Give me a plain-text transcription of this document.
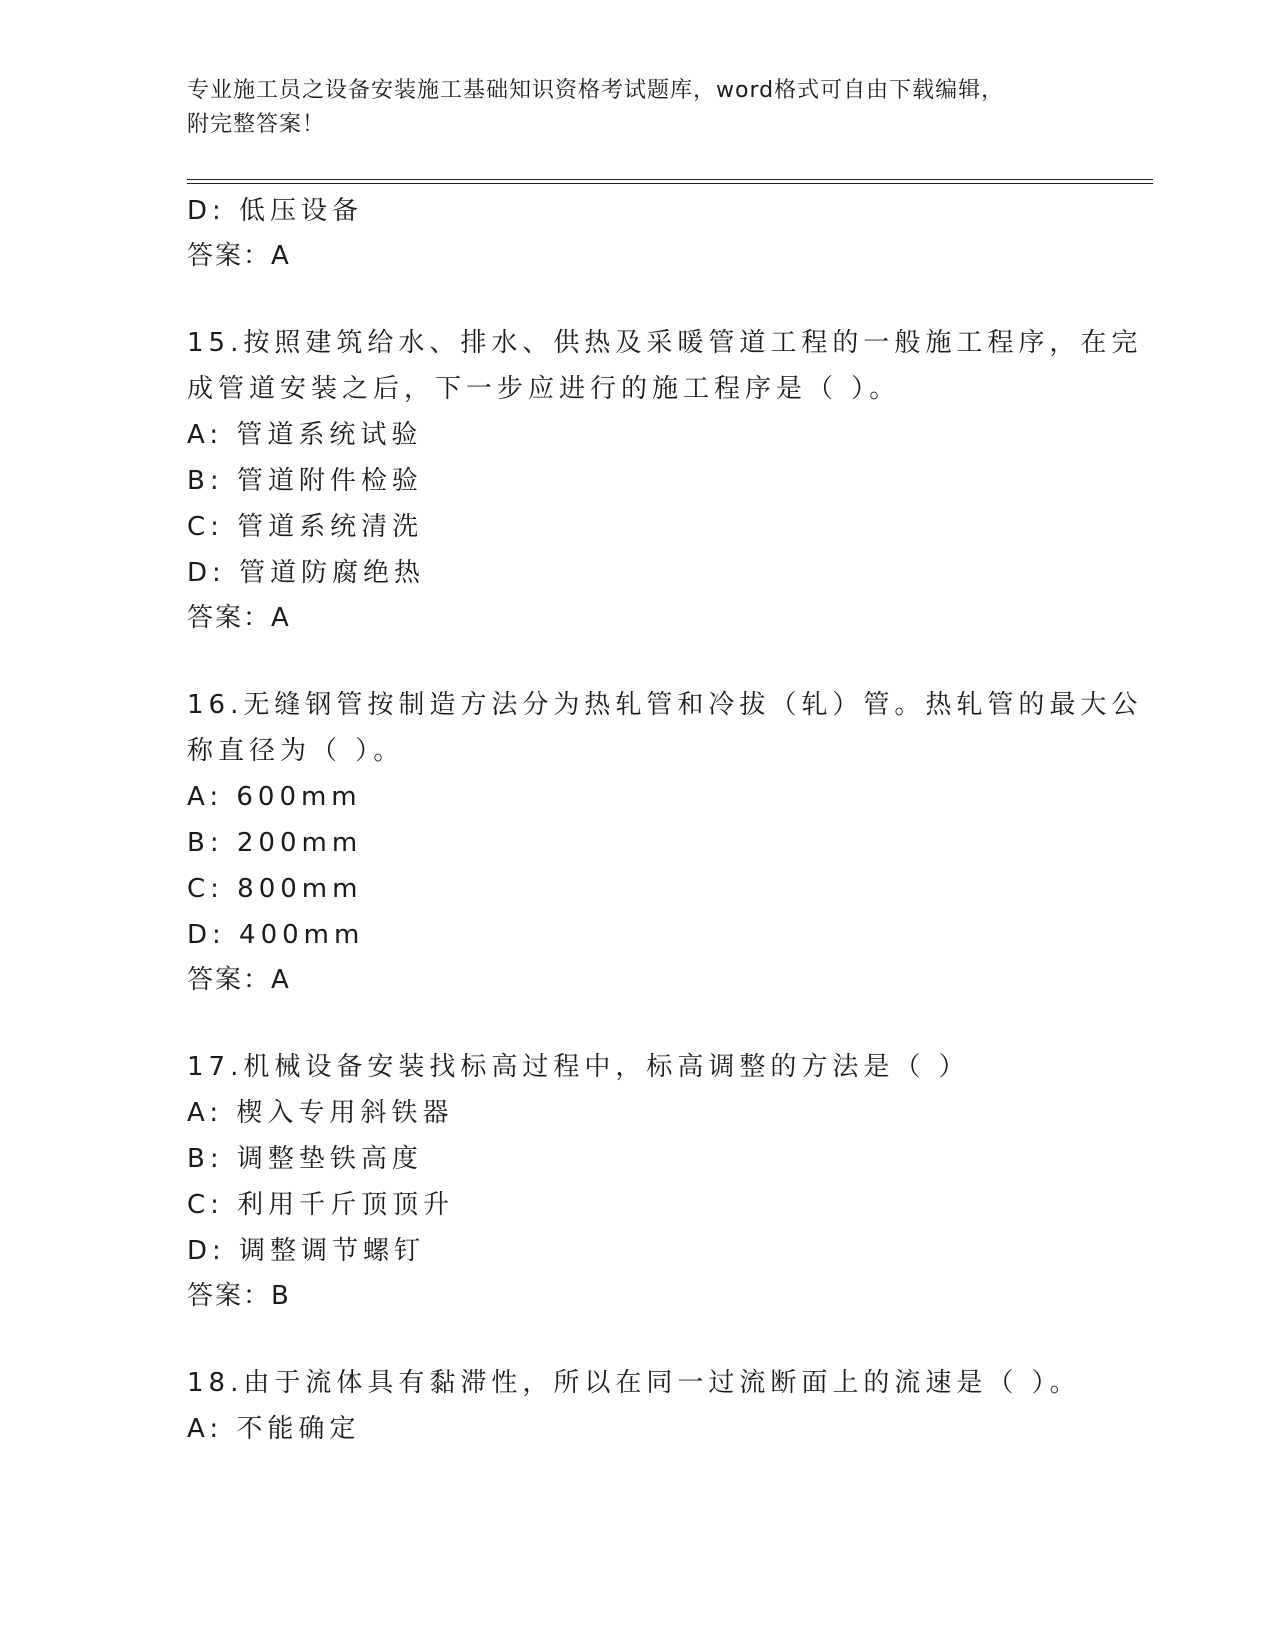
专业施工员之设备安装施工基础知识资格考试题库，word格式可自由下载编辑，
附完整答案！
D: 低压设备
答案：A
15.按照建筑给水、排水、供热及采暖管道工程的一般施工程序，在完
成管道安装之后，下一步应进行的施工程序是（ ）。
A: 管道系统试验
B: 管道附件检验
C: 管道系统清洗
D: 管道防腐绝热
答案：A
16.无缝钢管按制造方法分为热轧管和冷拔（轧）管。热轧管的最大公
称直径为（ ）。
A: 600mm
B: 200mm
C: 800mm
D: 400mm
答案：A
17.机械设备安装找标高过程中，标高调整的方法是（ ）
A: 楔入专用斜铁器
B: 调整垫铁高度
C: 利用千斤顶顶升
D: 调整调节螺钉
答案：B
18.由于流体具有黏滞性，所以在同一过流断面上的流速是（ ）。
A: 不能确定
